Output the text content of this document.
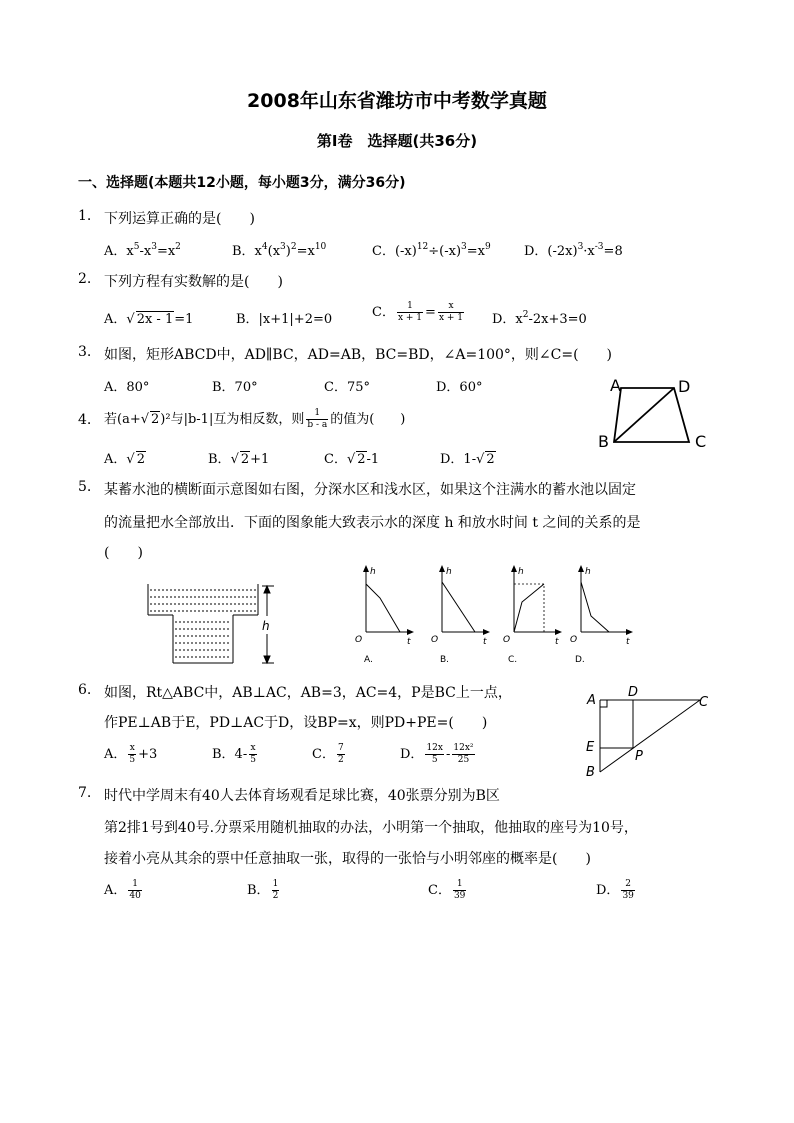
2008年山东省潍坊市中考数学真题
第Ⅰ卷　选择题(共36分)
一、选择题(本题共12小题，每小题3分，满分36分)
1. 下列运算正确的是(　　)
A．$x^5-x^3=x^2$	B．$x^4(x^3)^2=x^{10}$	C．$(-x)^{12}\div(-x)^3=x^9$	D．$(-2x)^3\cdot x^{-3}=8$
2. 下列方程有实数解的是(　　)
A．√ 2x - 1=1	B．|x+1|+2=0	C． $\frac{1}{x + 1} = \frac{x}{x + 1}$ D．$x^2-2x+3=0$
3. 如图，矩形ABCD中，AD∥BC，AD=AB，BC=BD，∠A=100°，则∠C=(　　)
A．80°	B．70°	C．75°	D．60°	A	D
B	C
4. 若(a+√ 2)²与|b-1|互为相反数，则 $\frac{1}{b - a}$ 的值为(　　)
A．√ 2	B．√ 2+1	C．√ 2-1	D．1-√ 2
5. 某蓄水池的横断面示意图如右图，分深水区和浅水区，如果这个注满水的蓄水池以固定
的流量把水全部放出．下面的图象能大致表示水的深度 h 和放水时间 t 之间的关系的是
(　　)
h
h
O	t
A.
h
O	t
B.
h
O	t
C.
h
O	t
D.
6. 如图，Rt△ABC中，AB⊥AC，AB=3，AC=4，P是BC上一点，
作PE⊥AB于E，PD⊥AC于D，设BP=x，则PD+PE=(　　)
A． $\frac{x}{5} +3$	B．$4- \frac{x}{5}$	C． $\frac{7}{2}$	D． $\frac{12x}{5} - \frac{\text{12x²}}{25}$
A
D
C
E
P
B
7. 时代中学周末有40人去体育场观看足球比赛，40张票分别为B区
第2排1号到40号.分票采用随机抽取的办法，小明第一个抽取，他抽取的座号为10号，
接着小亮从其余的票中任意抽取一张，取得的一张恰与小明邻座的概率是(　　)
A． $\frac{1}{40}$	B． $\frac{1}{2}$	C． $\frac{1}{39}$	D． $\frac{2}{39}$
